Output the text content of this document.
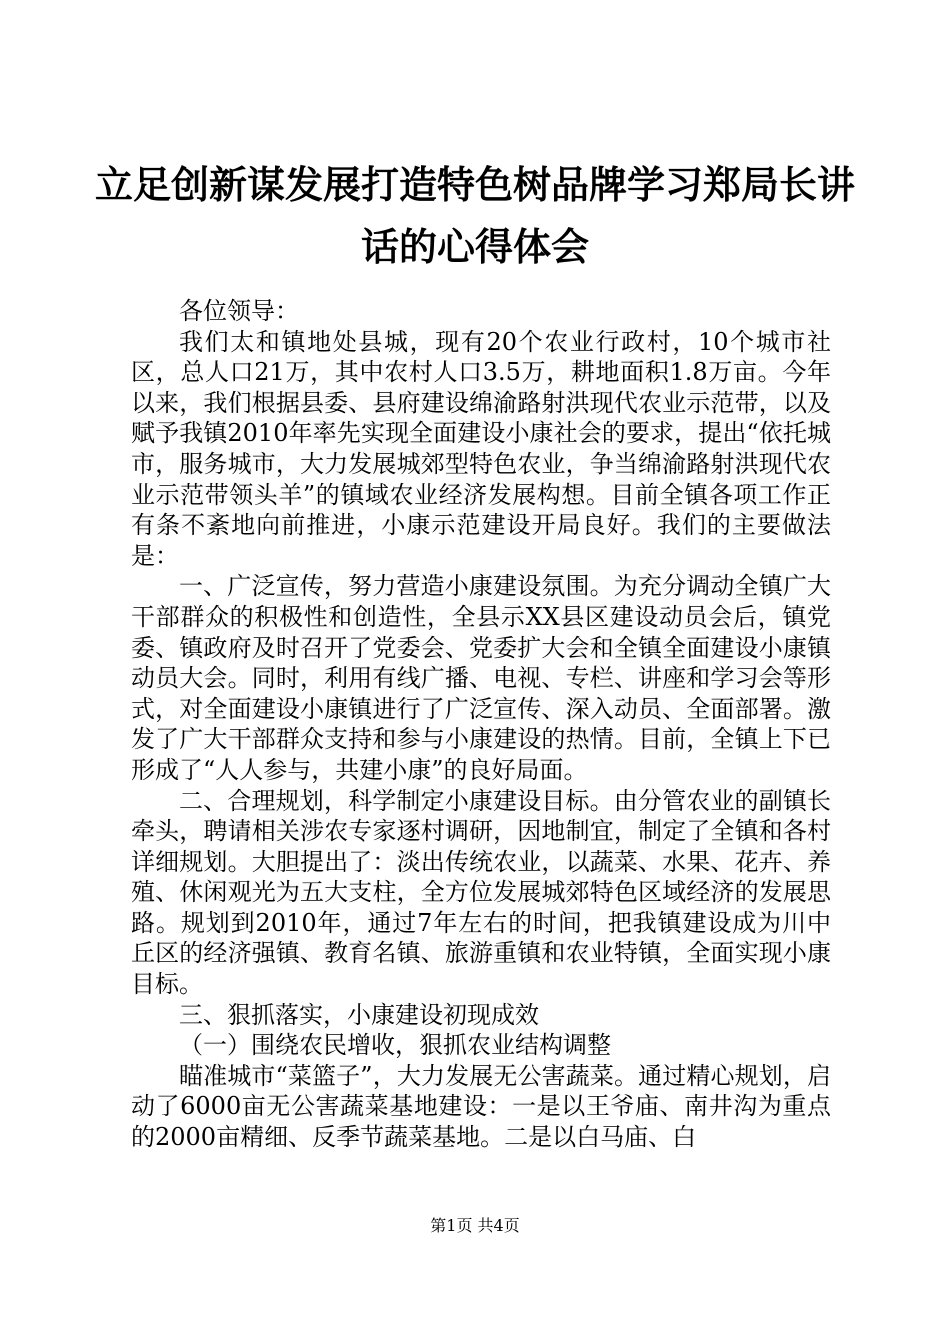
立足创新谋发展打造特色树品牌学习郑局长讲
话的心得体会

各位领导：

我们太和镇地处县城，现有20个农业行政村，10个城市社区，总人口21万，其中农村人口3.5万，耕地面积1.8万亩。今年以来，我们根据县委、县府建设绵渝路射洪现代农业示范带，以及赋予我镇2010年率先实现全面建设小康社会的要求，提出“依托城市，服务城市，大力发展城郊型特色农业，争当绵渝路射洪现代农业示范带领头羊”的镇域农业经济发展构想。目前全镇各项工作正有条不紊地向前推进，小康示范建设开局良好。我们的主要做法是：

一、广泛宣传，努力营造小康建设氛围。为充分调动全镇广大干部群众的积极性和创造性，全县示XX县区建设动员会后，镇党委、镇政府及时召开了党委会、党委扩大会和全镇全面建设小康镇动员大会。同时，利用有线广播、电视、专栏、讲座和学习会等形式，对全面建设小康镇进行了广泛宣传、深入动员、全面部署。激发了广大干部群众支持和参与小康建设的热情。目前，全镇上下已形成了“人人参与，共建小康”的良好局面。

二、合理规划，科学制定小康建设目标。由分管农业的副镇长牵头，聘请相关涉农专家逐村调研，因地制宜，制定了全镇和各村详细规划。大胆提出了：淡出传统农业，以蔬菜、水果、花卉、养殖、休闲观光为五大支柱，全方位发展城郊特色区域经济的发展思路。规划到2010年，通过7年左右的时间，把我镇建设成为川中丘区的经济强镇、教育名镇、旅游重镇和农业特镇，全面实现小康目标。

三、狠抓落实，小康建设初现成效

（一）围绕农民增收，狠抓农业结构调整

瞄准城市“菜篮子”，大力发展无公害蔬菜。通过精心规划，启动了6000亩无公害蔬菜基地建设：一是以王爷庙、南井沟为重点的2000亩精细、反季节蔬菜基地。二是以白马庙、白

第1页 共4页
